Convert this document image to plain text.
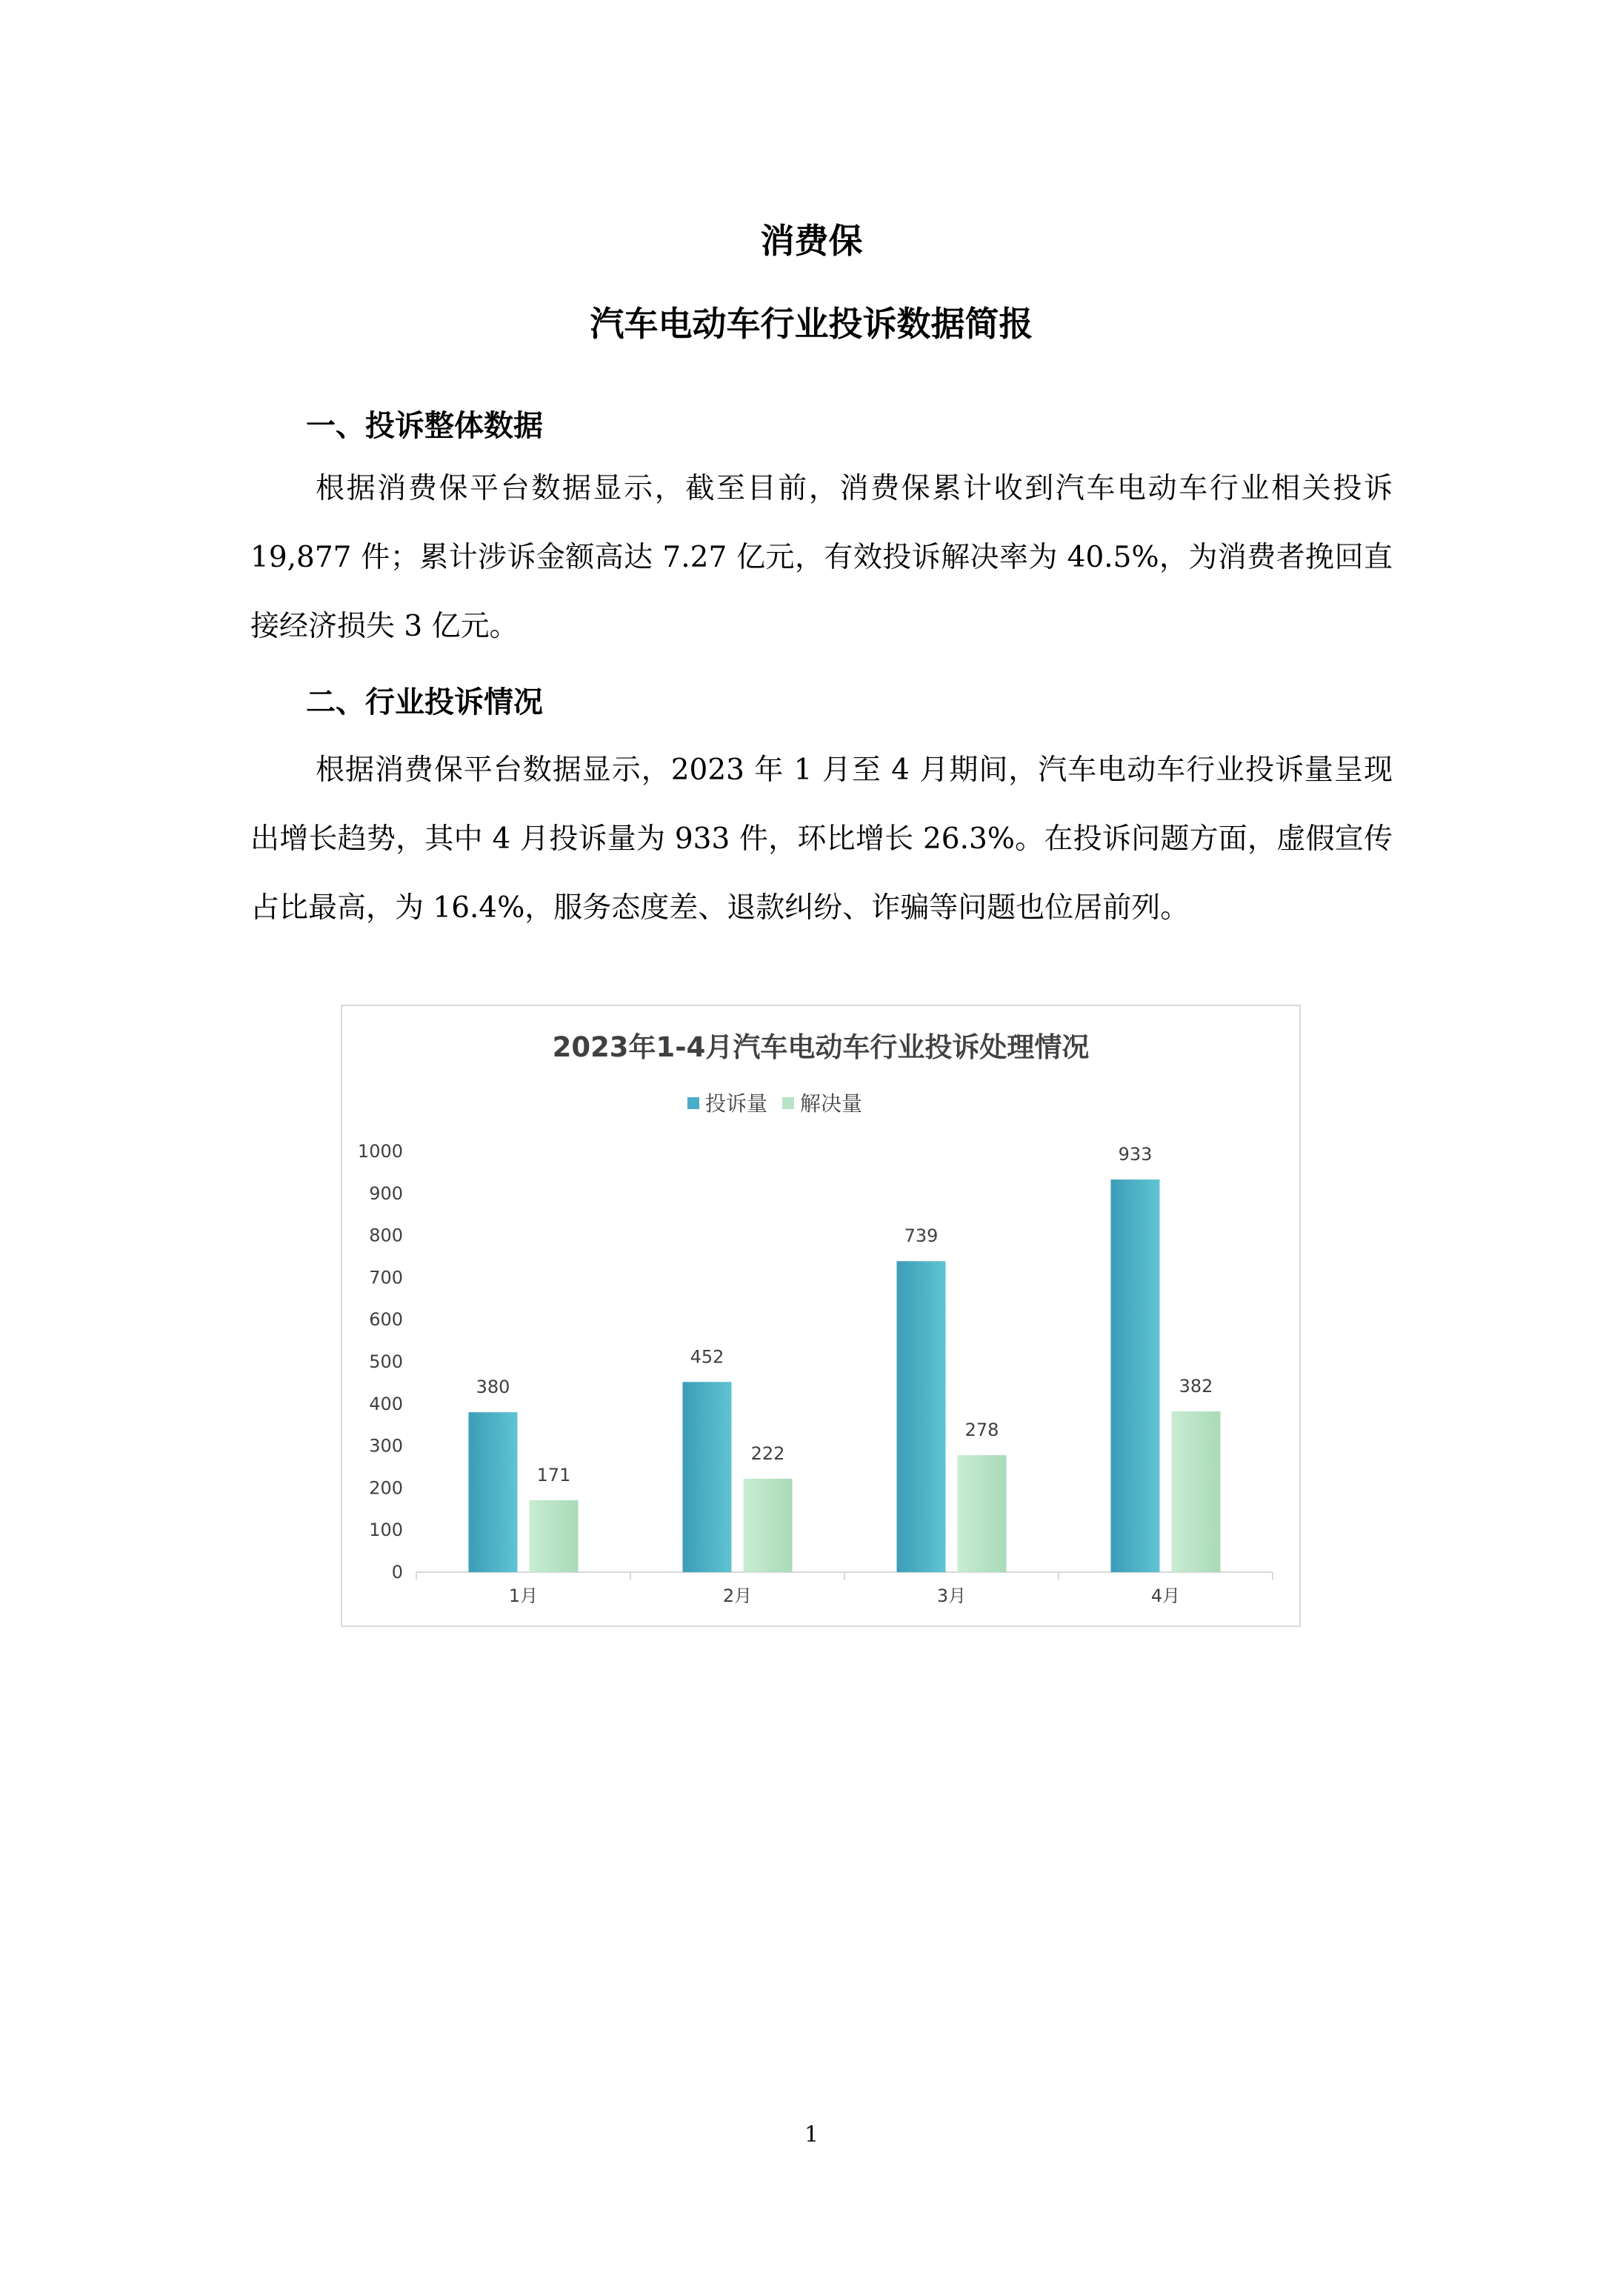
消费保
汽车电动车行业投诉数据简报
一、投诉整体数据

根据消费保平台数据显示，截至目前，消费保累计收到汽车电动车行业相关投诉 19,877 件；累计涉诉金额高达 7.27 亿元，有效投诉解决率为 40.5%，为消费者挽回直接经济损失 3 亿元。

二、行业投诉情况

根据消费保平台数据显示，2023 年 1 月至 4 月期间，汽车电动车行业投诉量呈现出增长趋势，其中 4 月投诉量为 933 件，环比增长 26.3%。在投诉问题方面，虚假宣传占比最高，为 16.4%，服务态度差、退款纠纷、诈骗等问题也位居前列。

2023年1-4月汽车电动车行业投诉处理情况
投诉量 解决量
0
100
200
300
400
500
600
700
800
900
1000
1月	2月	3月	4月
380
171
452
222
739
278
933
382

1
